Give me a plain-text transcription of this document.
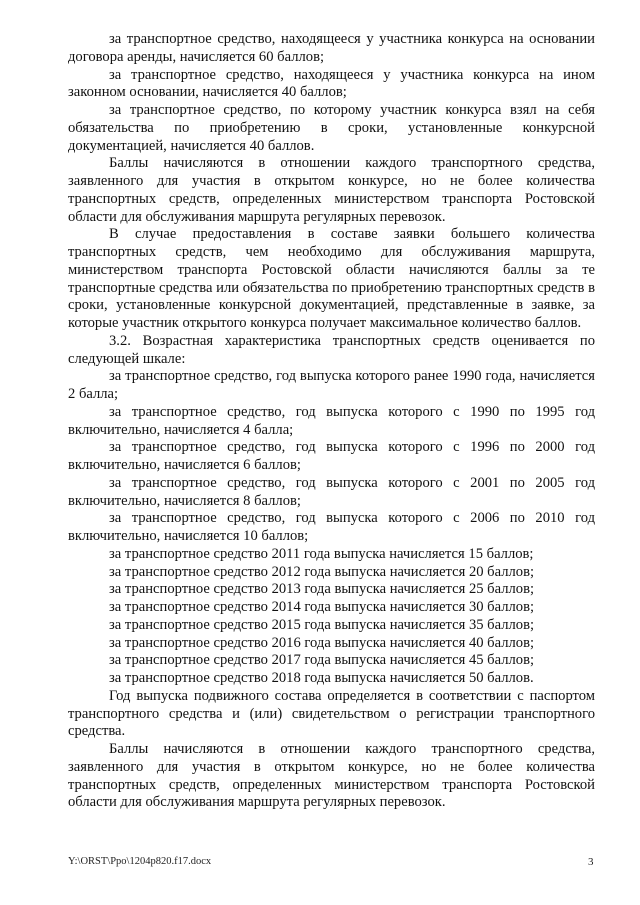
за транспортное средство, находящееся у участника конкурса на основании договора аренды, начисляется 60 баллов;

за транспортное средство, находящееся у участника конкурса на ином законном основании, начисляется 40 баллов;

за транспортное средство, по которому участник конкурса взял на себя обязательства по приобретению в сроки, установленные конкурсной документацией, начисляется 40 баллов.

Баллы начисляются в отношении каждого транспортного средства, заявленного для участия в открытом конкурсе, но не более количества транспортных средств, определенных министерством транспорта Ростовской области для обслуживания маршрута регулярных перевозок.

В случае предоставления в составе заявки большего количества транспортных средств, чем необходимо для обслуживания маршрута, министерством транспорта Ростовской области начисляются баллы за те транспортные средства или обязательства по приобретению транспортных средств в сроки, установленные конкурсной документацией, представленные в заявке, за которые участник открытого конкурса получает максимальное количество баллов.

3.2. Возрастная характеристика транспортных средств оценивается по следующей шкале:

за транспортное средство, год выпуска которого ранее 1990 года, начисляется 2 балла;

за транспортное средство, год выпуска которого с 1990 по 1995 год включительно, начисляется 4 балла;

за транспортное средство, год выпуска которого с 1996 по 2000 год включительно, начисляется 6 баллов;

за транспортное средство, год выпуска которого с 2001 по 2005 год включительно, начисляется 8 баллов;

за транспортное средство, год выпуска которого с 2006 по 2010 год включительно, начисляется 10 баллов;

за транспортное средство 2011 года выпуска начисляется 15 баллов;

за транспортное средство 2012 года выпуска начисляется 20 баллов;

за транспортное средство 2013 года выпуска начисляется 25 баллов;

за транспортное средство 2014 года выпуска начисляется 30 баллов;

за транспортное средство 2015 года выпуска начисляется 35 баллов;

за транспортное средство 2016 года выпуска начисляется 40 баллов;

за транспортное средство 2017 года выпуска начисляется 45 баллов;

за транспортное средство 2018 года выпуска начисляется 50 баллов.

Год выпуска подвижного состава определяется в соответствии с паспортом транспортного средства и (или) свидетельством о регистрации транспортного средства.

Баллы начисляются в отношении каждого транспортного средства, заявленного для участия в открытом конкурсе, но не более количества транспортных средств, определенных министерством транспорта Ростовской области для обслуживания маршрута регулярных перевозок.

Y:\ORST\Ppo\1204p820.f17.docx	3
